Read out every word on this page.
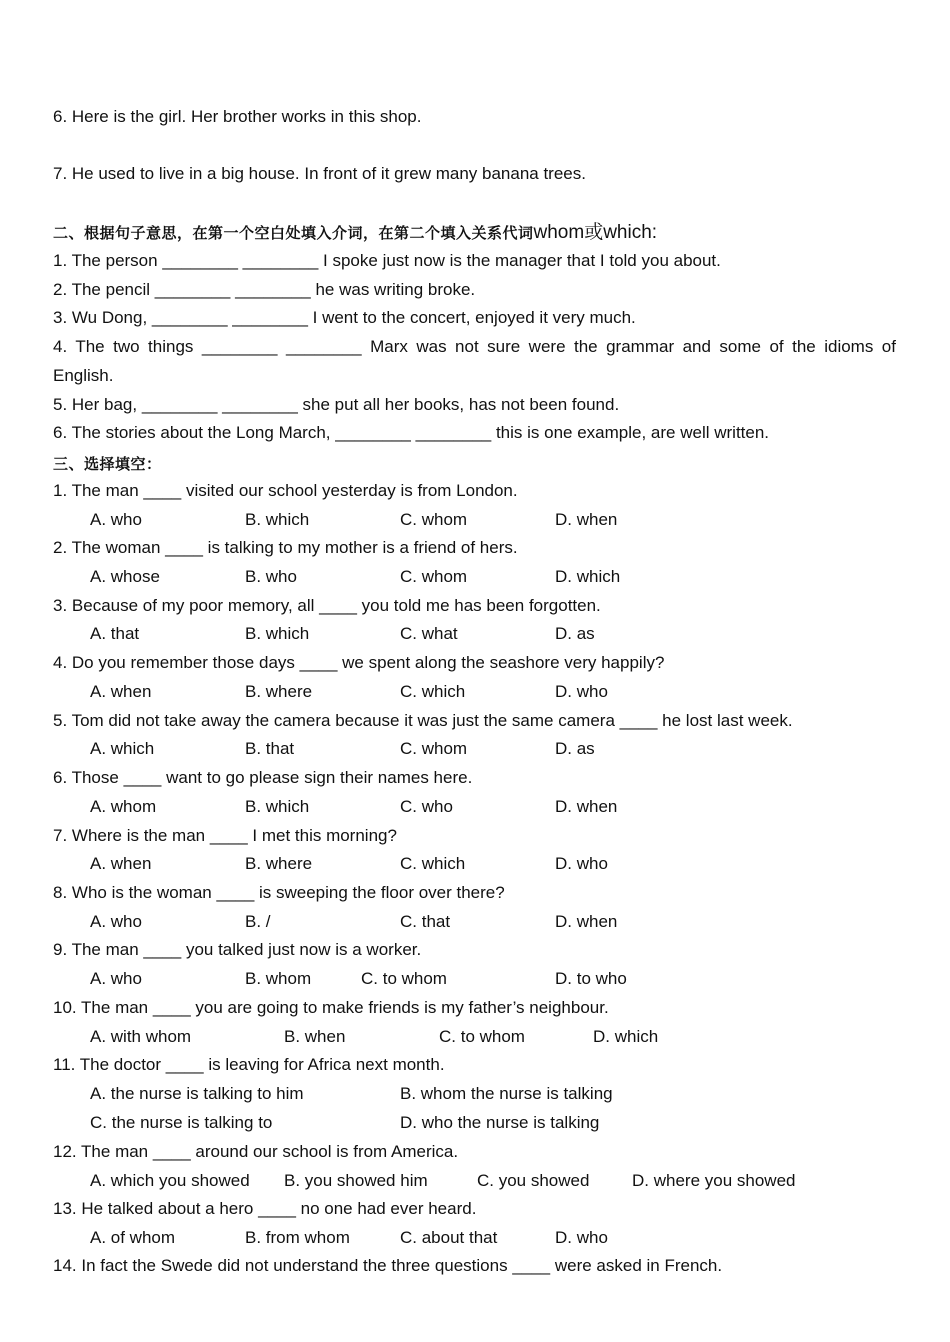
6. Here is the girl. Her brother works in this shop.
7. He used to live in a big house. In front of it grew many banana trees.
二、根据句子意思，在第一个空白处填入介词，在第二个填入关系代词whom或which:
1. The person ________ ________ I spoke just now is the manager that I told you about.
2. The pencil ________ ________ he was writing broke.
3. Wu Dong, ________ ________ I went to the concert, enjoyed it very much.
4. The two things ________ ________ Marx was not sure were the grammar and some of the idioms of
English.
5. Her bag, ________ ________ she put all her books, has not been found.
6. The stories about the Long March, ________ ________ this is one example, are well written.
三、选择填空：
1. The man ____ visited our school yesterday is from London.
A. who	B. which	C. whom	D. when
2. The woman ____ is talking to my mother is a friend of hers.
A. whose	B. who	C. whom	D. which
3. Because of my poor memory, all ____ you told me has been forgotten.
A. that	B. which	C. what	D. as
4. Do you remember those days ____ we spent along the seashore very happily?
A. when	B. where	C. which	D. who
5. Tom did not take away the camera because it was just the same camera ____ he lost last week.
A. which	B. that	C. whom	D. as
6. Those ____ want to go please sign their names here.
A. whom	B. which	C. who	D. when
7. Where is the man ____ I met this morning?
A. when	B. where	C. which	D. who
8. Who is the woman ____ is sweeping the floor over there?
A. who	B. /	C. that	D. when
9. The man ____ you talked just now is a worker.
A. who	B. whom	C. to whom	D. to who
10. The man ____ you are going to make friends is my father’s neighbour.
A. with whom	B. when	C. to whom	D. which
11. The doctor ____ is leaving for Africa next month.
A. the nurse is talking to him	B. whom the nurse is talking
C. the nurse is talking to	D. who the nurse is talking
12. The man ____ around our school is from America.
A. which you showed B. you showed him	C. you showed	D. where you showed
13. He talked about a hero ____ no one had ever heard.
A. of whom	B. from whom	C. about that	D. who
14. In fact the Swede did not understand the three questions ____ were asked in French.
